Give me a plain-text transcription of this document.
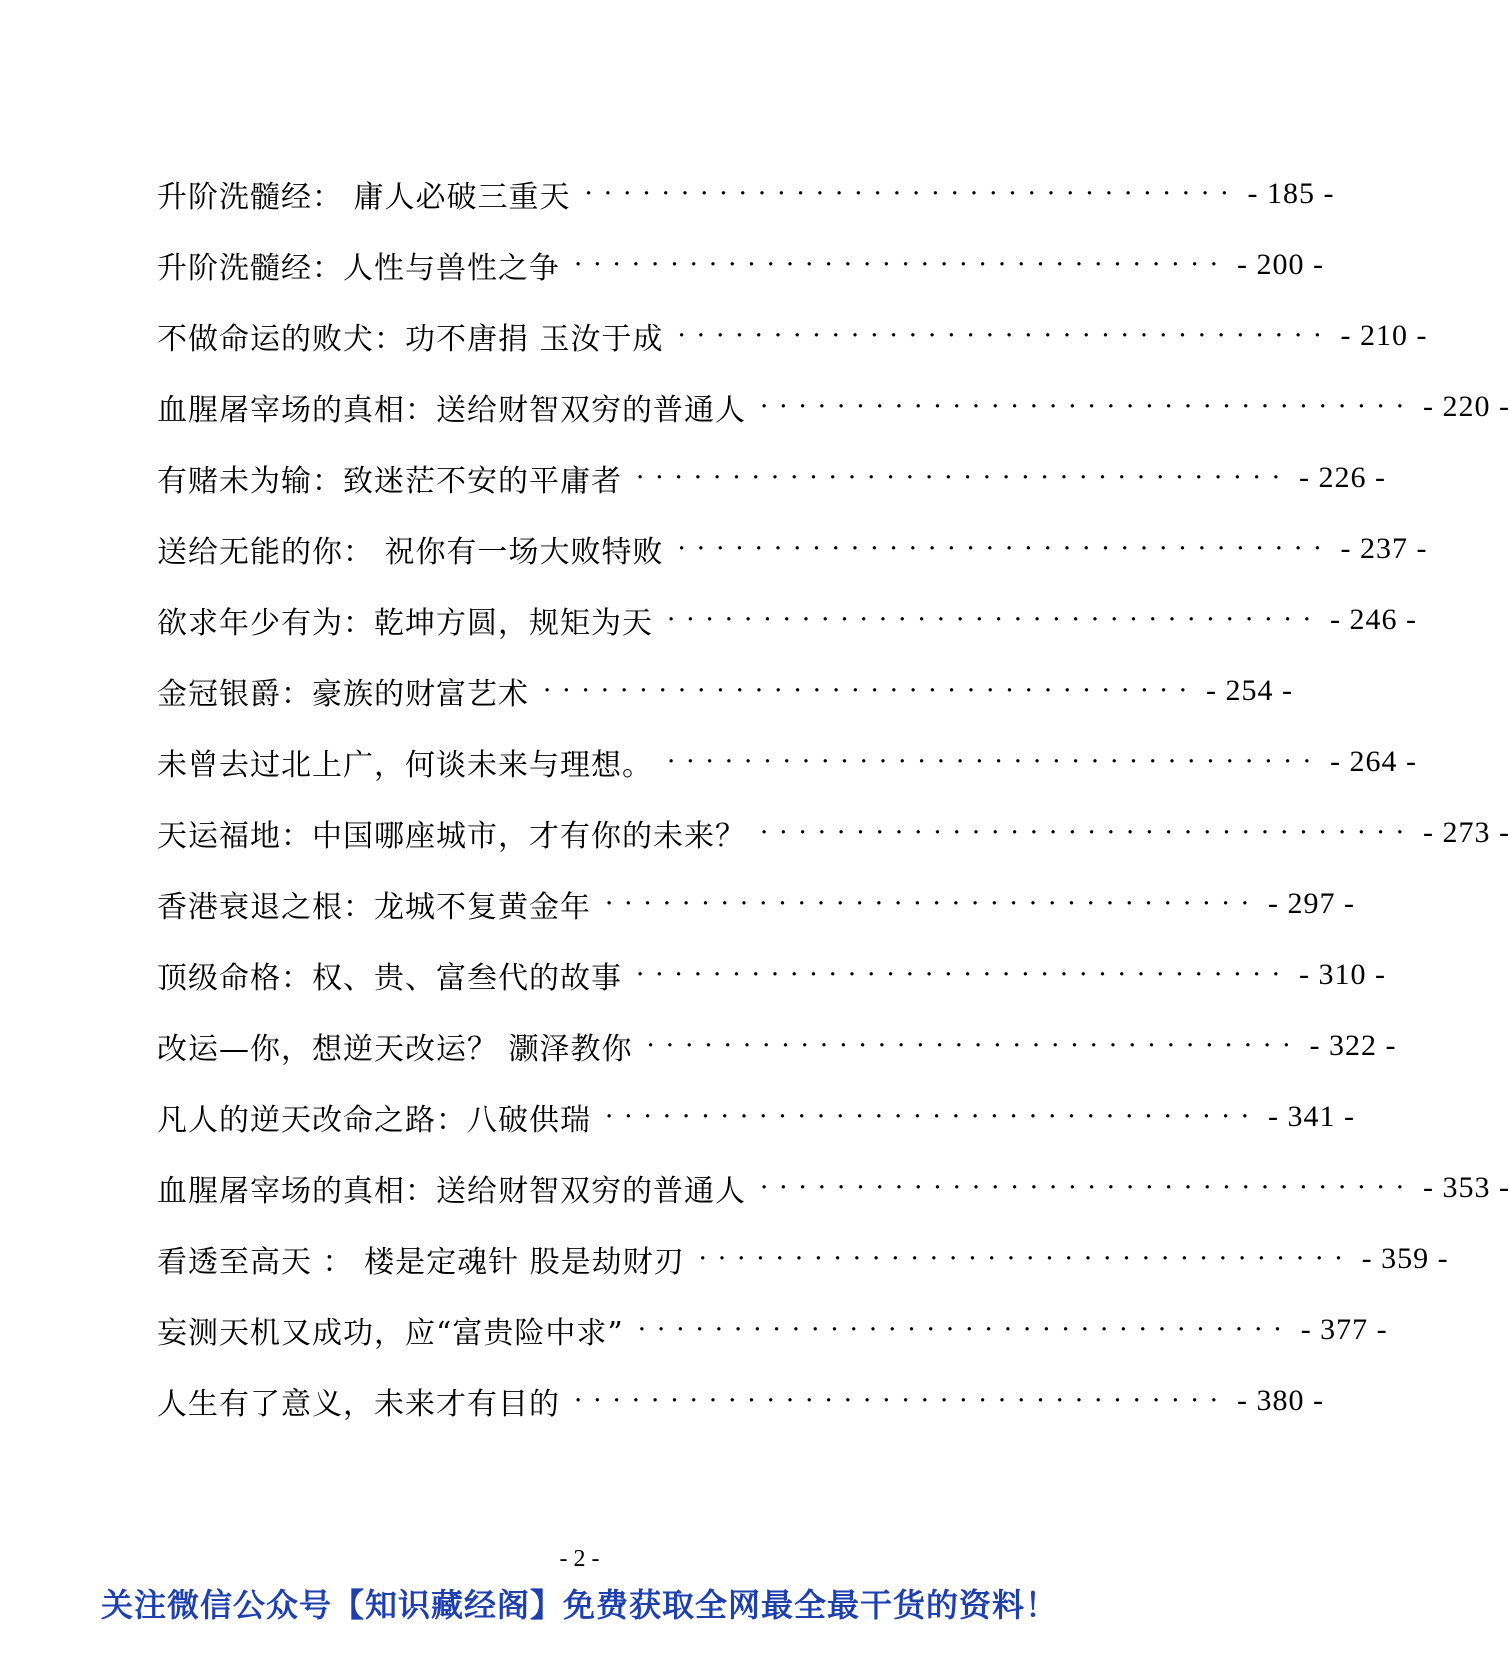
升阶洗髓经： 庸人必破三重天 ·································· - 185 -
升阶洗髓经：人性与兽性之争 ·································· - 200 -
不做命运的败犬：功不唐捐 玉汝于成 ·································· - 210 -
血腥屠宰场的真相：送给财智双穷的普通人 ·································· - 220 -
有赌未为输：致迷茫不安的平庸者 ·································· - 226 -
送给无能的你： 祝你有一场大败特败 ·································· - 237 -
欲求年少有为：乾坤方圆，规矩为天 ·································· - 246 -
金冠银爵：豪族的财富艺术 ·································· - 254 -
未曾去过北上广，何谈未来与理想。 ·································· - 264 -
天运福地：中国哪座城市，才有你的未来？ ·································· - 273 -
香港衰退之根：龙城不复黄金年 ·································· - 297 -
顶级命格：权、贵、富叁代的故事 ·································· - 310 -
改运—你，想逆天改运？ 灏泽教你 ·································· - 322 -
凡人的逆天改命之路：八破供瑞 ·································· - 341 -
血腥屠宰场的真相：送给财智双穷的普通人 ·································· - 353 -
看透至高天 ： 楼是定魂针 股是劫财刃 ·································· - 359 -
妄测天机又成功，应“富贵险中求” ·································· - 377 -
人生有了意义，未来才有目的 ·································· - 380 -
- 2 -
关注微信公众号【知识藏经阁】免费获取全网最全最干货的资料！
